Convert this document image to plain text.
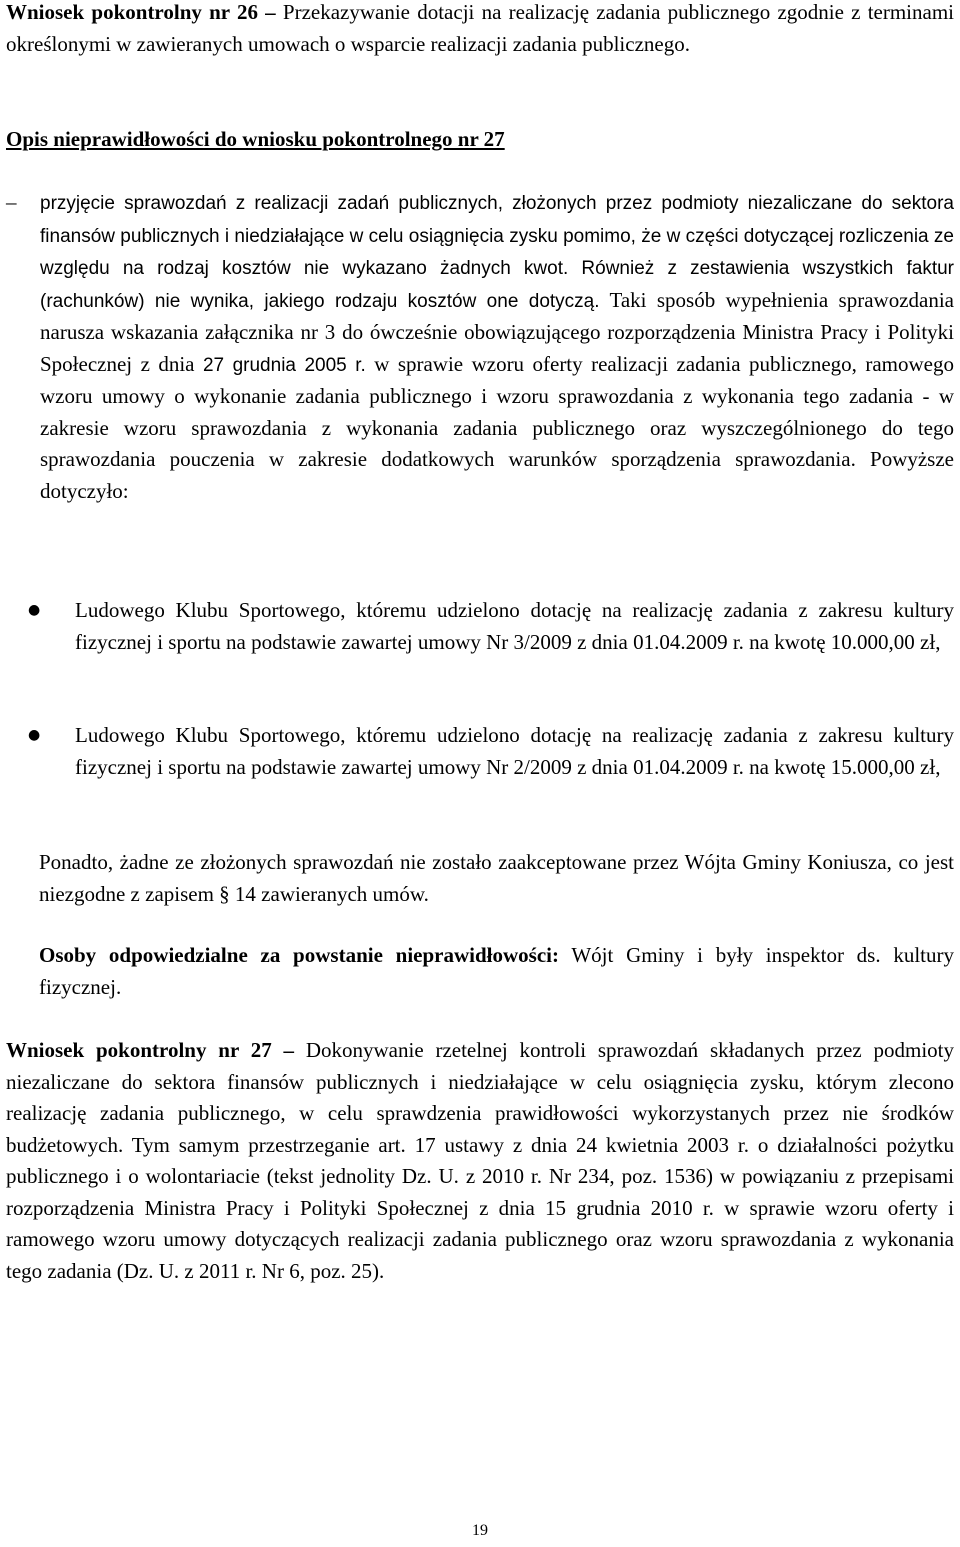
Wniosek pokontrolny nr 26 – Przekazywanie dotacji na realizację zadania publicznego zgodnie z terminami określonymi w zawieranych umowach o wsparcie realizacji zadania publicznego.

Opis nieprawidłowości do wniosku pokontrolnego nr 27

– przyjęcie sprawozdań z realizacji zadań publicznych, złożonych przez podmioty niezaliczane do sektora finansów publicznych i niedziałające w celu osiągnięcia zysku pomimo, że w części dotyczącej rozliczenia ze względu na rodzaj kosztów nie wykazano żadnych kwot. Również z zestawienia wszystkich faktur (rachunków) nie wynika, jakiego rodzaju kosztów one dotyczą. Taki sposób wypełnienia sprawozdania narusza wskazania załącznika nr 3 do ówcześnie obowiązującego rozporządzenia Ministra Pracy i Polityki Społecznej z dnia 27 grudnia 2005 r. w sprawie wzoru oferty realizacji zadania publicznego, ramowego wzoru umowy o wykonanie zadania publicznego i wzoru sprawozdania z wykonania tego zadania - w zakresie wzoru sprawozdania z wykonania zadania publicznego oraz wyszczególnionego do tego sprawozdania pouczenia w zakresie dodatkowych warunków sporządzenia sprawozdania. Powyższe dotyczyło:

● Ludowego Klubu Sportowego, któremu udzielono dotację na realizację zadania z zakresu kultury fizycznej i sportu na podstawie zawartej umowy Nr 3/2009 z dnia 01.04.2009 r. na kwotę 10.000,00 zł,

● Ludowego Klubu Sportowego, któremu udzielono dotację na realizację zadania z zakresu kultury fizycznej i sportu na podstawie zawartej umowy Nr 2/2009 z dnia 01.04.2009 r. na kwotę 15.000,00 zł,

Ponadto, żadne ze złożonych sprawozdań nie zostało zaakceptowane przez Wójta Gminy Koniusza, co jest niezgodne z zapisem § 14 zawieranych umów.

Osoby odpowiedzialne za powstanie nieprawidłowości: Wójt Gminy i były inspektor ds. kultury fizycznej.

Wniosek pokontrolny nr 27 – Dokonywanie rzetelnej kontroli sprawozdań składanych przez podmioty niezaliczane do sektora finansów publicznych i niedziałające w celu osiągnięcia zysku, którym zlecono realizację zadania publicznego, w celu sprawdzenia prawidłowości wykorzystanych przez nie środków budżetowych. Tym samym przestrzeganie art. 17 ustawy z dnia 24 kwietnia 2003 r. o działalności pożytku publicznego i o wolontariacie (tekst jednolity Dz. U. z 2010 r. Nr 234, poz. 1536) w powiązaniu z przepisami rozporządzenia Ministra Pracy i Polityki Społecznej z dnia 15 grudnia 2010 r. w sprawie wzoru oferty i ramowego wzoru umowy dotyczących realizacji zadania publicznego oraz wzoru sprawozdania z wykonania tego zadania (Dz. U. z 2011 r. Nr 6, poz. 25).

19
